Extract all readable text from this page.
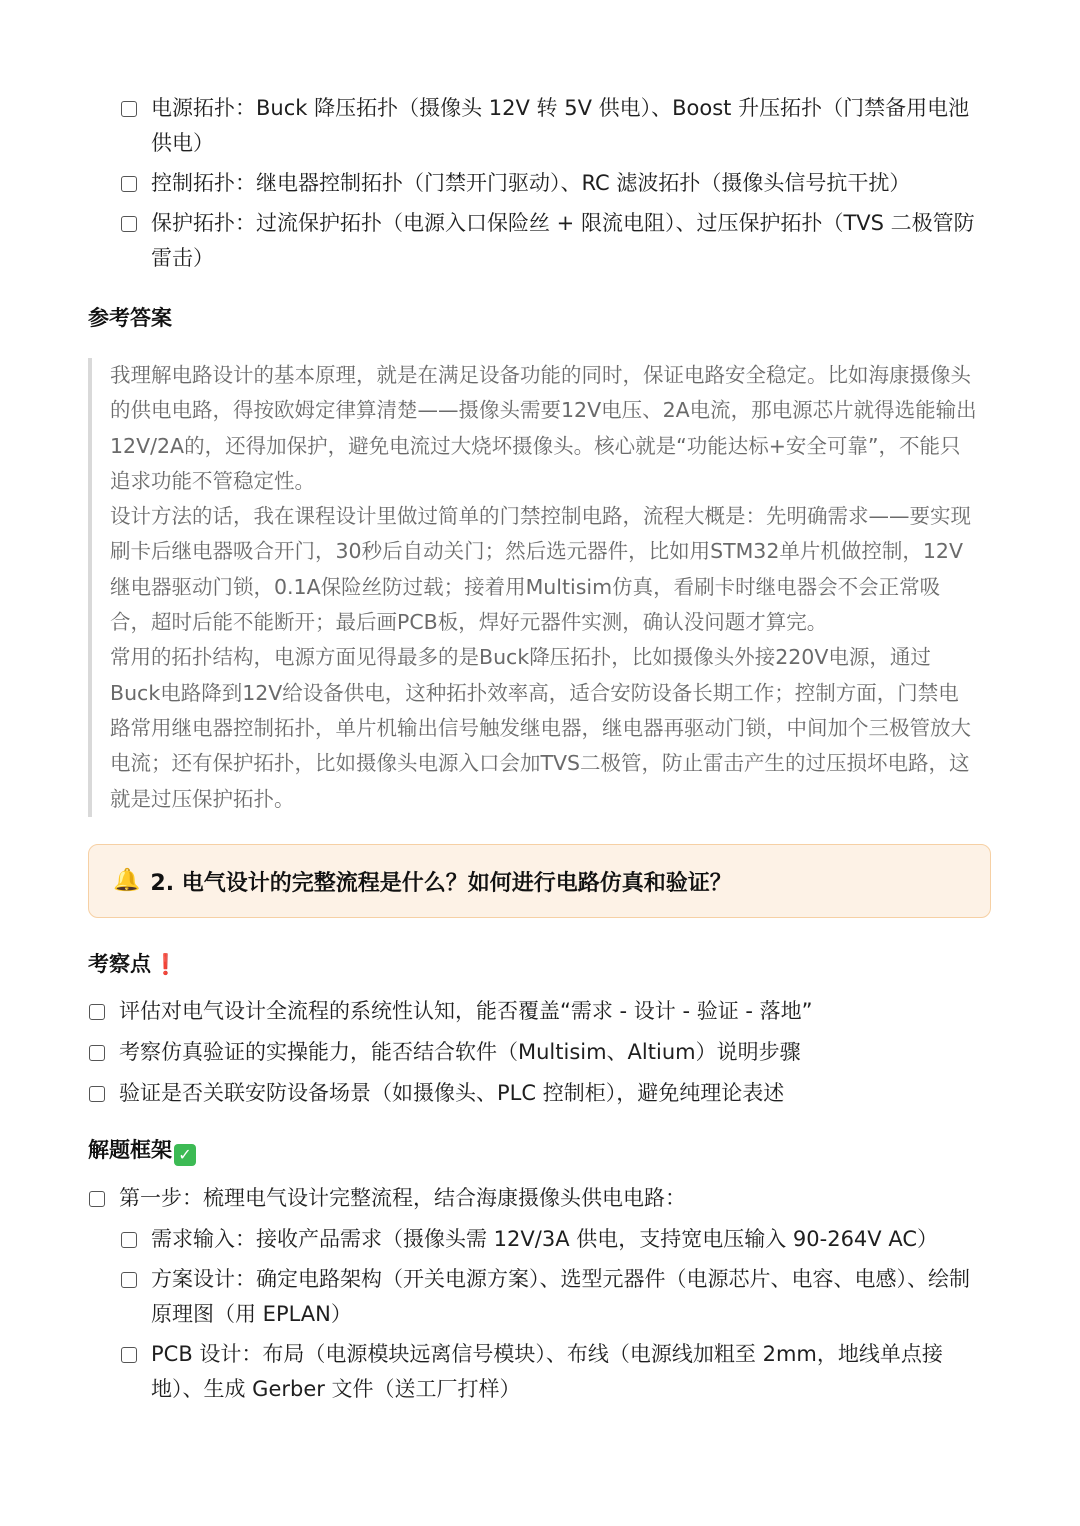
电源拓扑：Buck 降压拓扑（摄像头 12V 转 5V 供电）、Boost 升压拓扑（门禁备用电池供电）
控制拓扑：继电器控制拓扑（门禁开门驱动）、RC 滤波拓扑（摄像头信号抗干扰）
保护拓扑：过流保护拓扑（电源入口保险丝 + 限流电阻）、过压保护拓扑（TVS 二极管防雷击）
参考答案

我理解电路设计的基本原理，就是在满足设备功能的同时，保证电路安全稳定。比如海康摄像头的供电电路，得按欧姆定律算清楚——摄像头需要12V电压、2A电流，那电源芯片就得选能输出12V/2A的，还得加保护，避免电流过大烧坏摄像头。核心就是“功能达标+安全可靠”，不能只追求功能不管稳定性。

设计方法的话，我在课程设计里做过简单的门禁控制电路，流程大概是：先明确需求——要实现刷卡后继电器吸合开门，30秒后自动关门；然后选元器件，比如用STM32单片机做控制，12V继电器驱动门锁，0.1A保险丝防过载；接着用Multisim仿真，看刷卡时继电器会不会正常吸合，超时后能不能断开；最后画PCB板，焊好元器件实测，确认没问题才算完。

常用的拓扑结构，电源方面见得最多的是Buck降压拓扑，比如摄像头外接220V电源，通过Buck电路降到12V给设备供电，这种拓扑效率高，适合安防设备长期工作；控制方面，门禁电路常用继电器控制拓扑，单片机输出信号触发继电器，继电器再驱动门锁，中间加个三极管放大电流；还有保护拓扑，比如摄像头电源入口会加TVS二极管，防止雷击产生的过压损坏电路，这就是过压保护拓扑。

🔔 2. 电气设计的完整流程是什么？如何进行电路仿真和验证？
考察点 ❗
评估对电气设计全流程的系统性认知，能否覆盖“需求 - 设计 - 验证 - 落地”
考察仿真验证的实操能力，能否结合软件（Multisim、Altium）说明步骤
验证是否关联安防设备场景（如摄像头、PLC 控制柜），避免纯理论表述
解题框架 ✓
第一步：梳理电气设计完整流程，结合海康摄像头供电电路：
需求输入：接收产品需求（摄像头需 12V/3A 供电，支持宽电压输入 90-264V AC）
方案设计：确定电路架构（开关电源方案）、选型元器件（电源芯片、电容、电感）、绘制原理图（用 EPLAN）
PCB 设计：布局（电源模块远离信号模块）、布线（电源线加粗至 2mm，地线单点接地）、生成 Gerber 文件（送工厂打样）
